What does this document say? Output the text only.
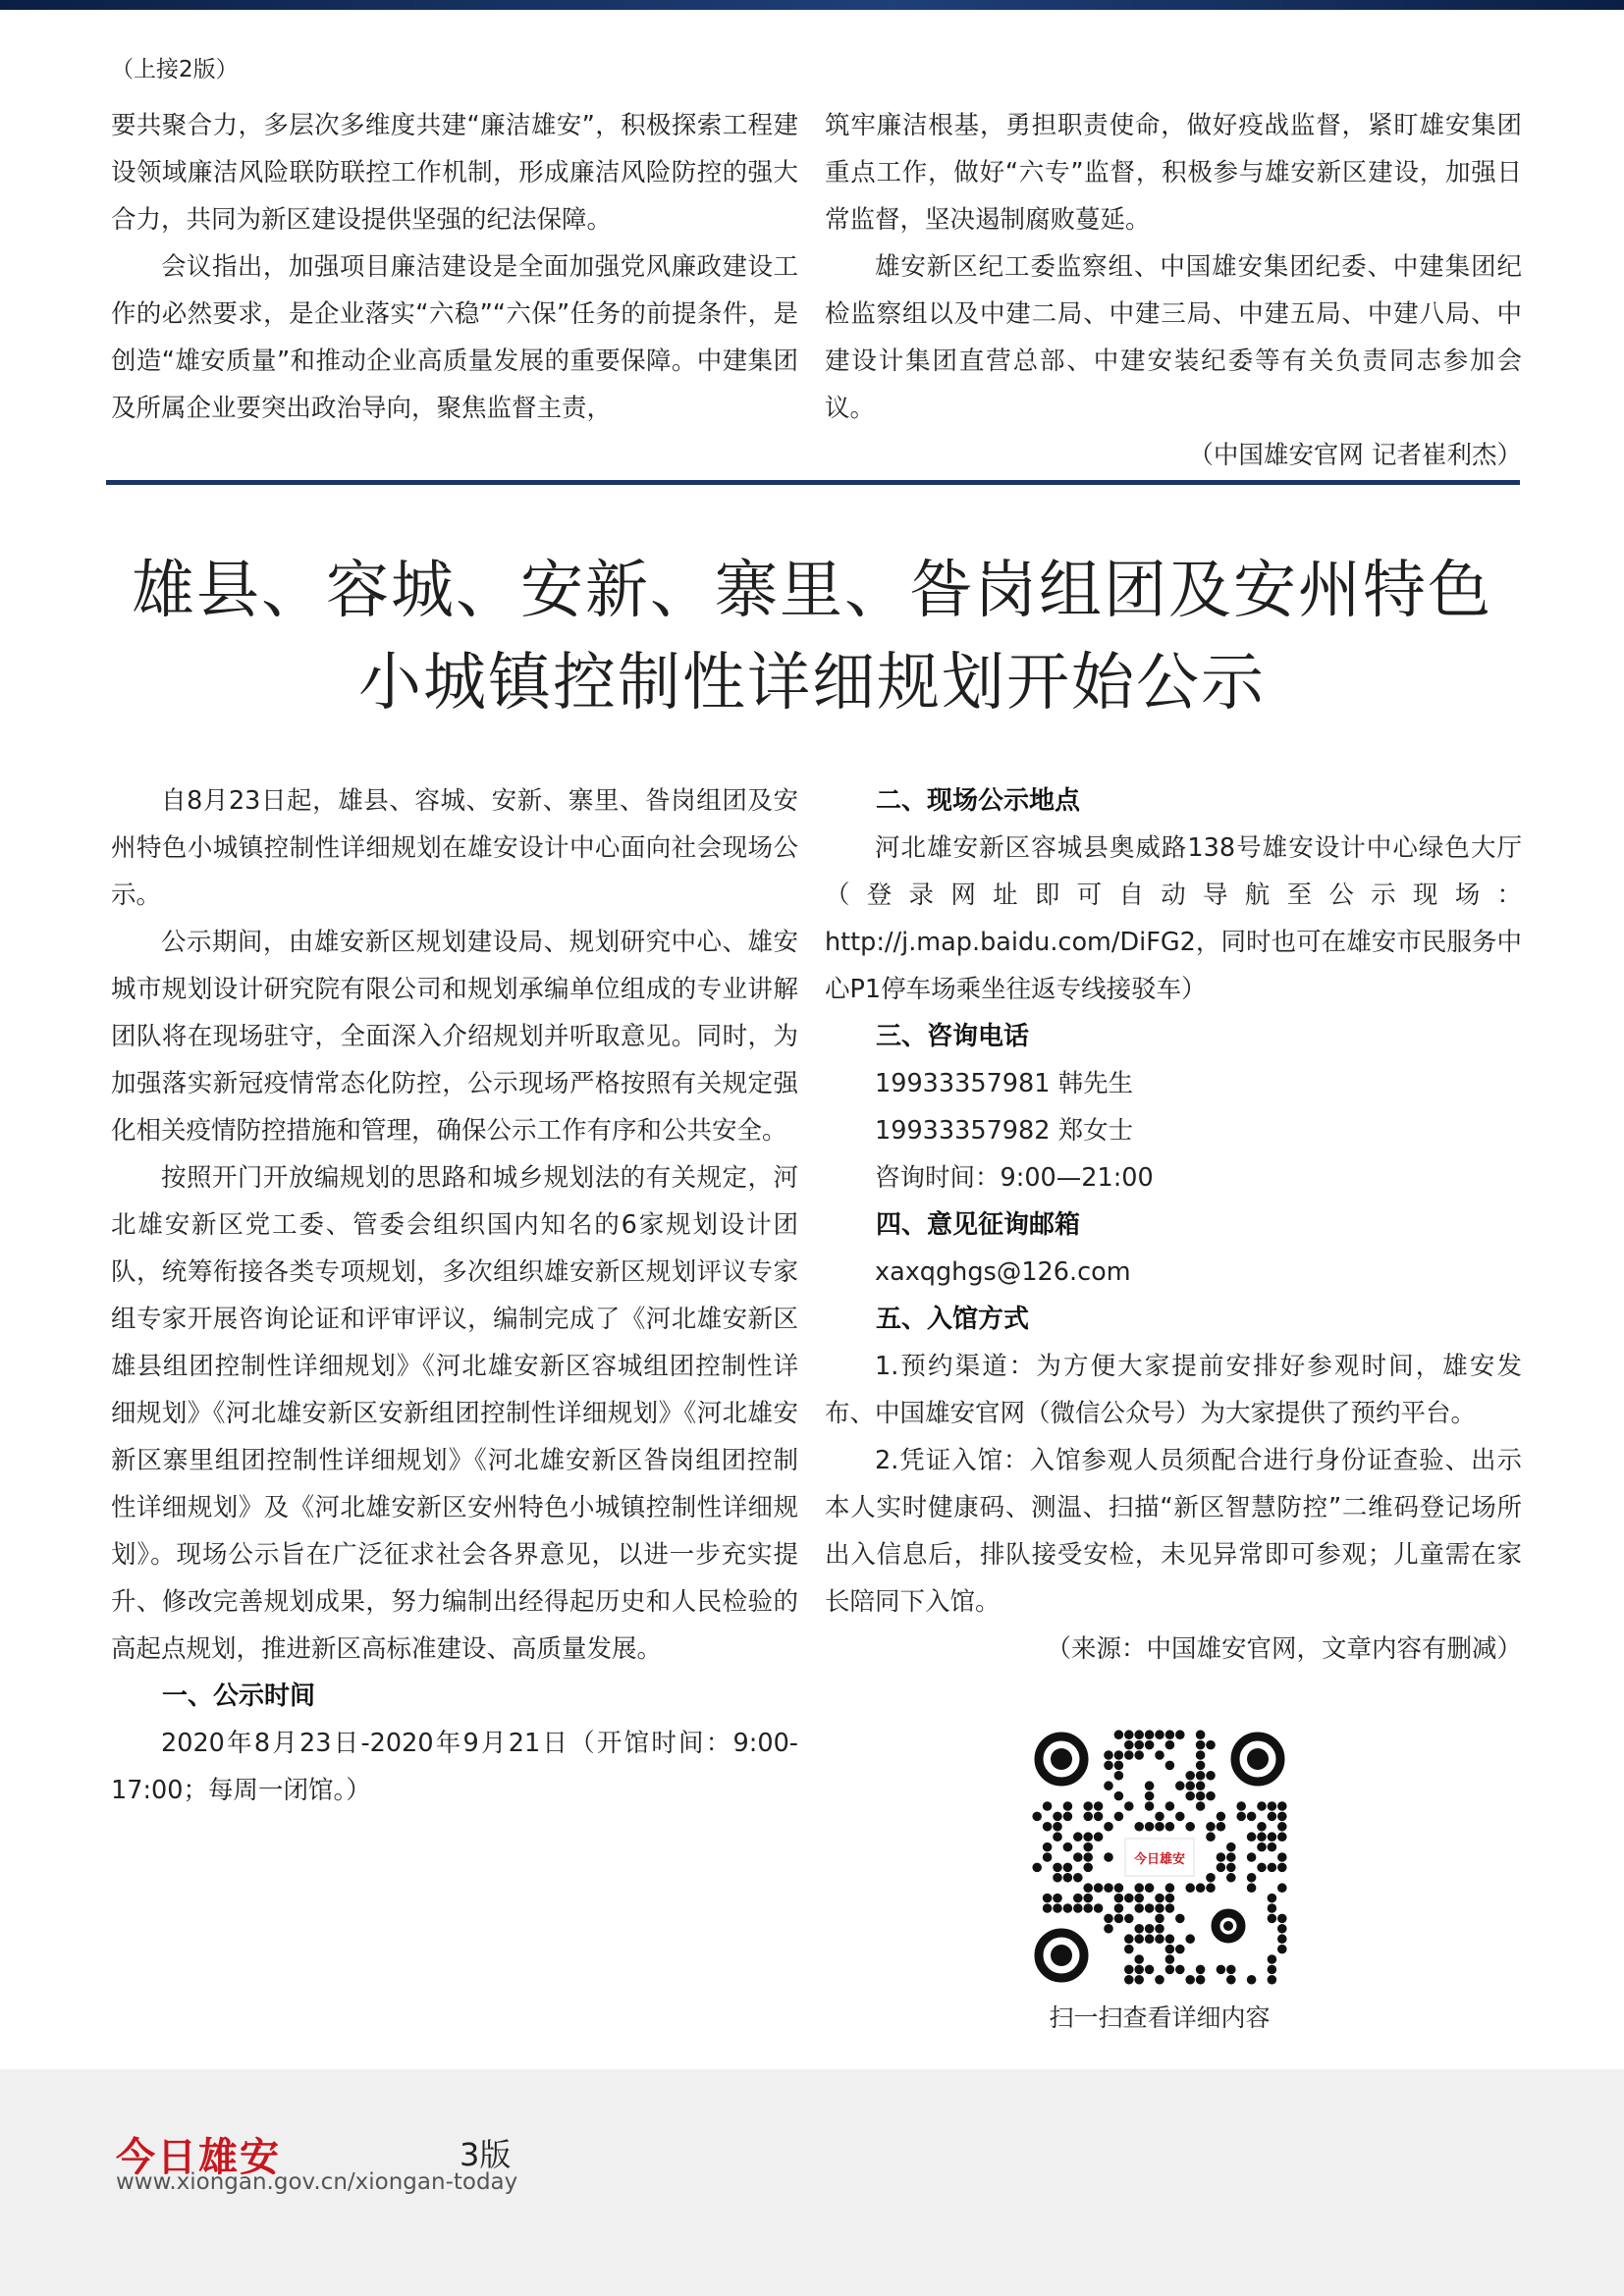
（上接2版）

要共聚合力，多层次多维度共建“廉洁雄安”，积极探索工程建设领域廉洁风险联防联控工作机制，形成廉洁风险防控的强大合力，共同为新区建设提供坚强的纪法保障。

会议指出，加强项目廉洁建设是全面加强党风廉政建设工作的必然要求，是企业落实“六稳”“六保”任务的前提条件，是创造“雄安质量”和推动企业高质量发展的重要保障。中建集团及所属企业要突出政治导向，聚焦监督主责，

筑牢廉洁根基，勇担职责使命，做好疫战监督，紧盯雄安集团重点工作，做好“六专”监督，积极参与雄安新区建设，加强日常监督，坚决遏制腐败蔓延。

雄安新区纪工委监察组、中国雄安集团纪委、中建集团纪检监察组以及中建二局、中建三局、中建五局、中建八局、中建设计集团直营总部、中建安装纪委等有关负责同志参加会议。

（中国雄安官网 记者崔利杰）

雄县、容城、安新、寨里、昝岗组团及安州特色
小城镇控制性详细规划开始公示

自8月23日起，雄县、容城、安新、寨里、昝岗组团及安州特色小城镇控制性详细规划在雄安设计中心面向社会现场公示。

公示期间，由雄安新区规划建设局、规划研究中心、雄安城市规划设计研究院有限公司和规划承编单位组成的专业讲解团队将在现场驻守，全面深入介绍规划并听取意见。同时，为加强落实新冠疫情常态化防控，公示现场严格按照有关规定强化相关疫情防控措施和管理，确保公示工作有序和公共安全。

按照开门开放编规划的思路和城乡规划法的有关规定，河北雄安新区党工委、管委会组织国内知名的6家规划设计团队，统筹衔接各类专项规划，多次组织雄安新区规划评议专家组专家开展咨询论证和评审评议，编制完成了《河北雄安新区雄县组团控制性详细规划》《河北雄安新区容城组团控制性详细规划》《河北雄安新区安新组团控制性详细规划》《河北雄安新区寨里组团控制性详细规划》《河北雄安新区昝岗组团控制性详细规划》及《河北雄安新区安州特色小城镇控制性详细规划》。现场公示旨在广泛征求社会各界意见，以进一步充实提升、修改完善规划成果，努力编制出经得起历史和人民检验的高起点规划，推进新区高标准建设、高质量发展。

一、公示时间

2020年8月23日-2020年9月21日（开馆时间：9:00-17:00；每周一闭馆。）

二、现场公示地点

河北雄安新区容城县奥威路138号雄安设计中心绿色大厅（登录网址即可自动导航至公示现场：http://j.map.baidu.com/DiFG2，同时也可在雄安市民服务中心P1停车场乘坐往返专线接驳车）

三、咨询电话

19933357981 韩先生

19933357982 郑女士

咨询时间：9:00—21:00

四、意见征询邮箱

xaxqghgs@126.com

五、入馆方式

1.预约渠道：为方便大家提前安排好参观时间，雄安发布、中国雄安官网（微信公众号）为大家提供了预约平台。

2.凭证入馆：入馆参观人员须配合进行身份证查验、出示本人实时健康码、测温、扫描“新区智慧防控”二维码登记场所出入信息后，排队接受安检，未见异常即可参观；儿童需在家长陪同下入馆。

（来源：中国雄安官网，文章内容有删减）

今日雄安
扫一扫查看详细内容
今日雄安	3版
www.xiongan.gov.cn/xiongan-today
